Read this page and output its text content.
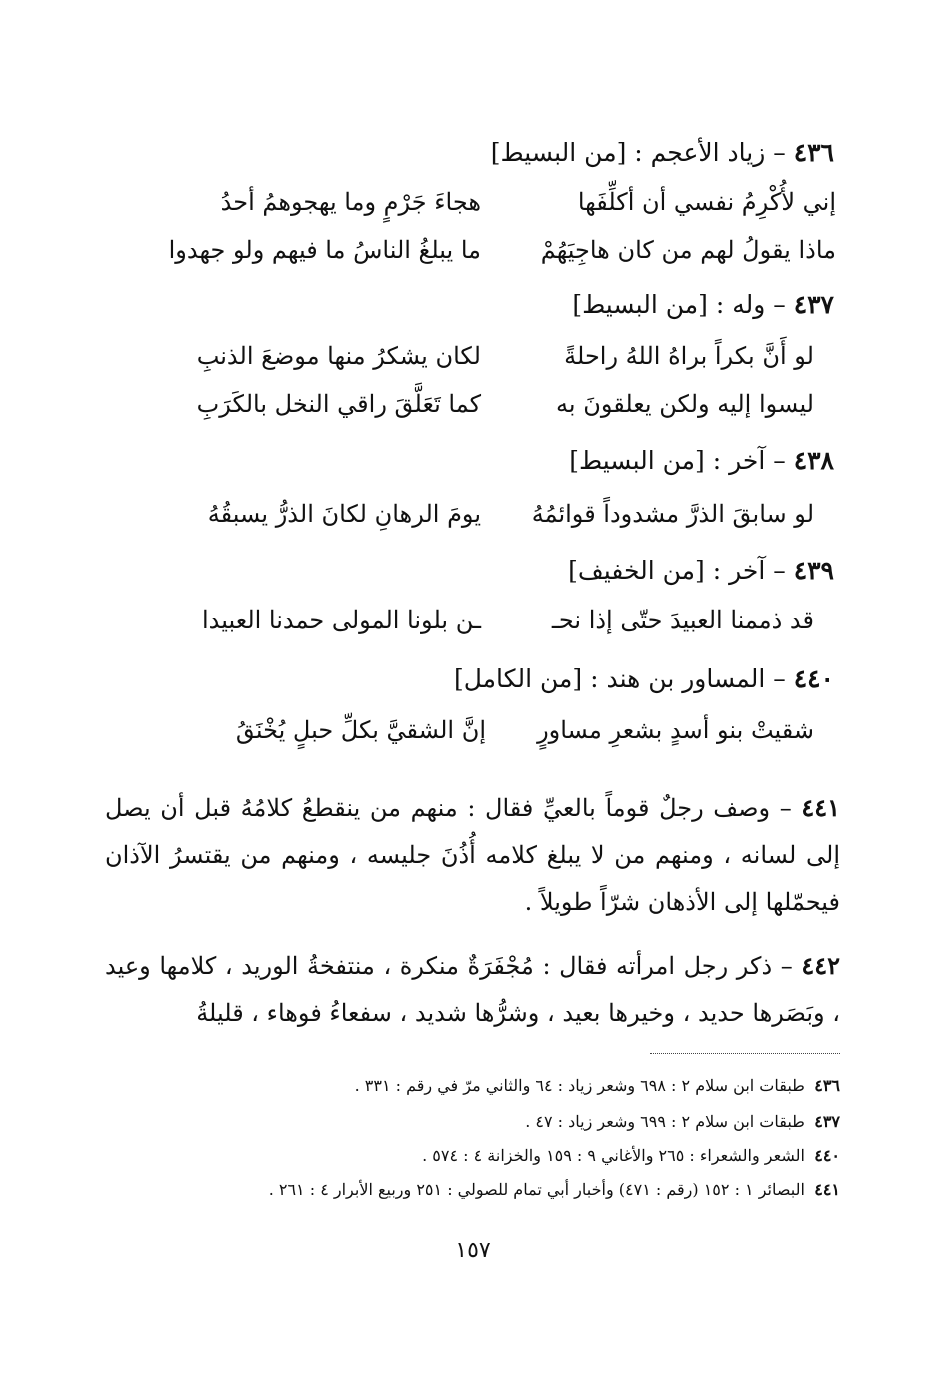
٤٣٦ – زياد الأعجم : [من البسيط]
إني لأُكْرِمُ نفسي أن أكلِّفَها
هجاءَ جَرْمٍ وما يهجوهمُ أحدُ
ماذا يقولُ لهم من كان هاجِيَهُمْ
ما يبلغُ الناسُ ما فيهم ولو جهدوا
٤٣٧ – وله : [من البسيط]
لو أَنَّ بكراً براهُ اللهُ راحلةً
لكان يشكرُ منها موضعَ الذنبِ
ليسوا إليه ولكن يعلقونَ به
كما تَعَلَّقَ راقي النخل بالكَرَبِ
٤٣٨ – آخر : [من البسيط]
لو سابقَ الذرَّ مشدوداً قوائمُهُ
يومَ الرهانِ لكانَ الذرُّ يسبقُهُ
٤٣٩ – آخر : [من الخفيف]
قد ذممنا العبيدَ حتّى إذا نحـ
ـن بلونا المولى حمدنا العبيدا
٤٤٠ – المساور بن هند : [من الكامل]
شقيتْ بنو أسدٍ بشعرِ مساورٍ
إنَّ الشقيَّ بكلِّ حبلٍ يُخْنَقُ
٤٤١ – وصف رجلٌ قوماً بالعيِّ فقال : منهم من ينقطعُ كلامُهُ قبل أن يصل إلى لسانه ، ومنهم من لا يبلغ كلامه أُذُنَ جليسه ، ومنهم من يقتسرُ الآذان فيحمّلها إلى الأذهان شرّاً طويلاً .
٤٤٢ – ذكر رجل امرأته فقال : مُجْفَرَةٌ منكرة ، منتفخةُ الوريد ، كلامها وعيد ، وبَصَرها حديد ، وخيرها بعيد ، وشرُّها شديد ، سفعاءُ فوهاء ، قليلةُ
٤٣٦ طبقات ابن سلام ٢ : ٦٩٨ وشعر زياد : ٦٤ والثاني مرّ في رقم : ٣٣١ .
٤٣٧ طبقات ابن سلام ٢ : ٦٩٩ وشعر زياد : ٤٧ .
٤٤٠ الشعر والشعراء : ٢٦٥ والأغاني ٩ : ١٥٩ والخزانة ٤ : ٥٧٤ .
٤٤١ البصائر ١ : ١٥٢ (رقم : ٤٧١) وأخبار أبي تمام للصولي : ٢٥١ وربيع الأبرار ٤ : ٢٦١ .
١٥٧
